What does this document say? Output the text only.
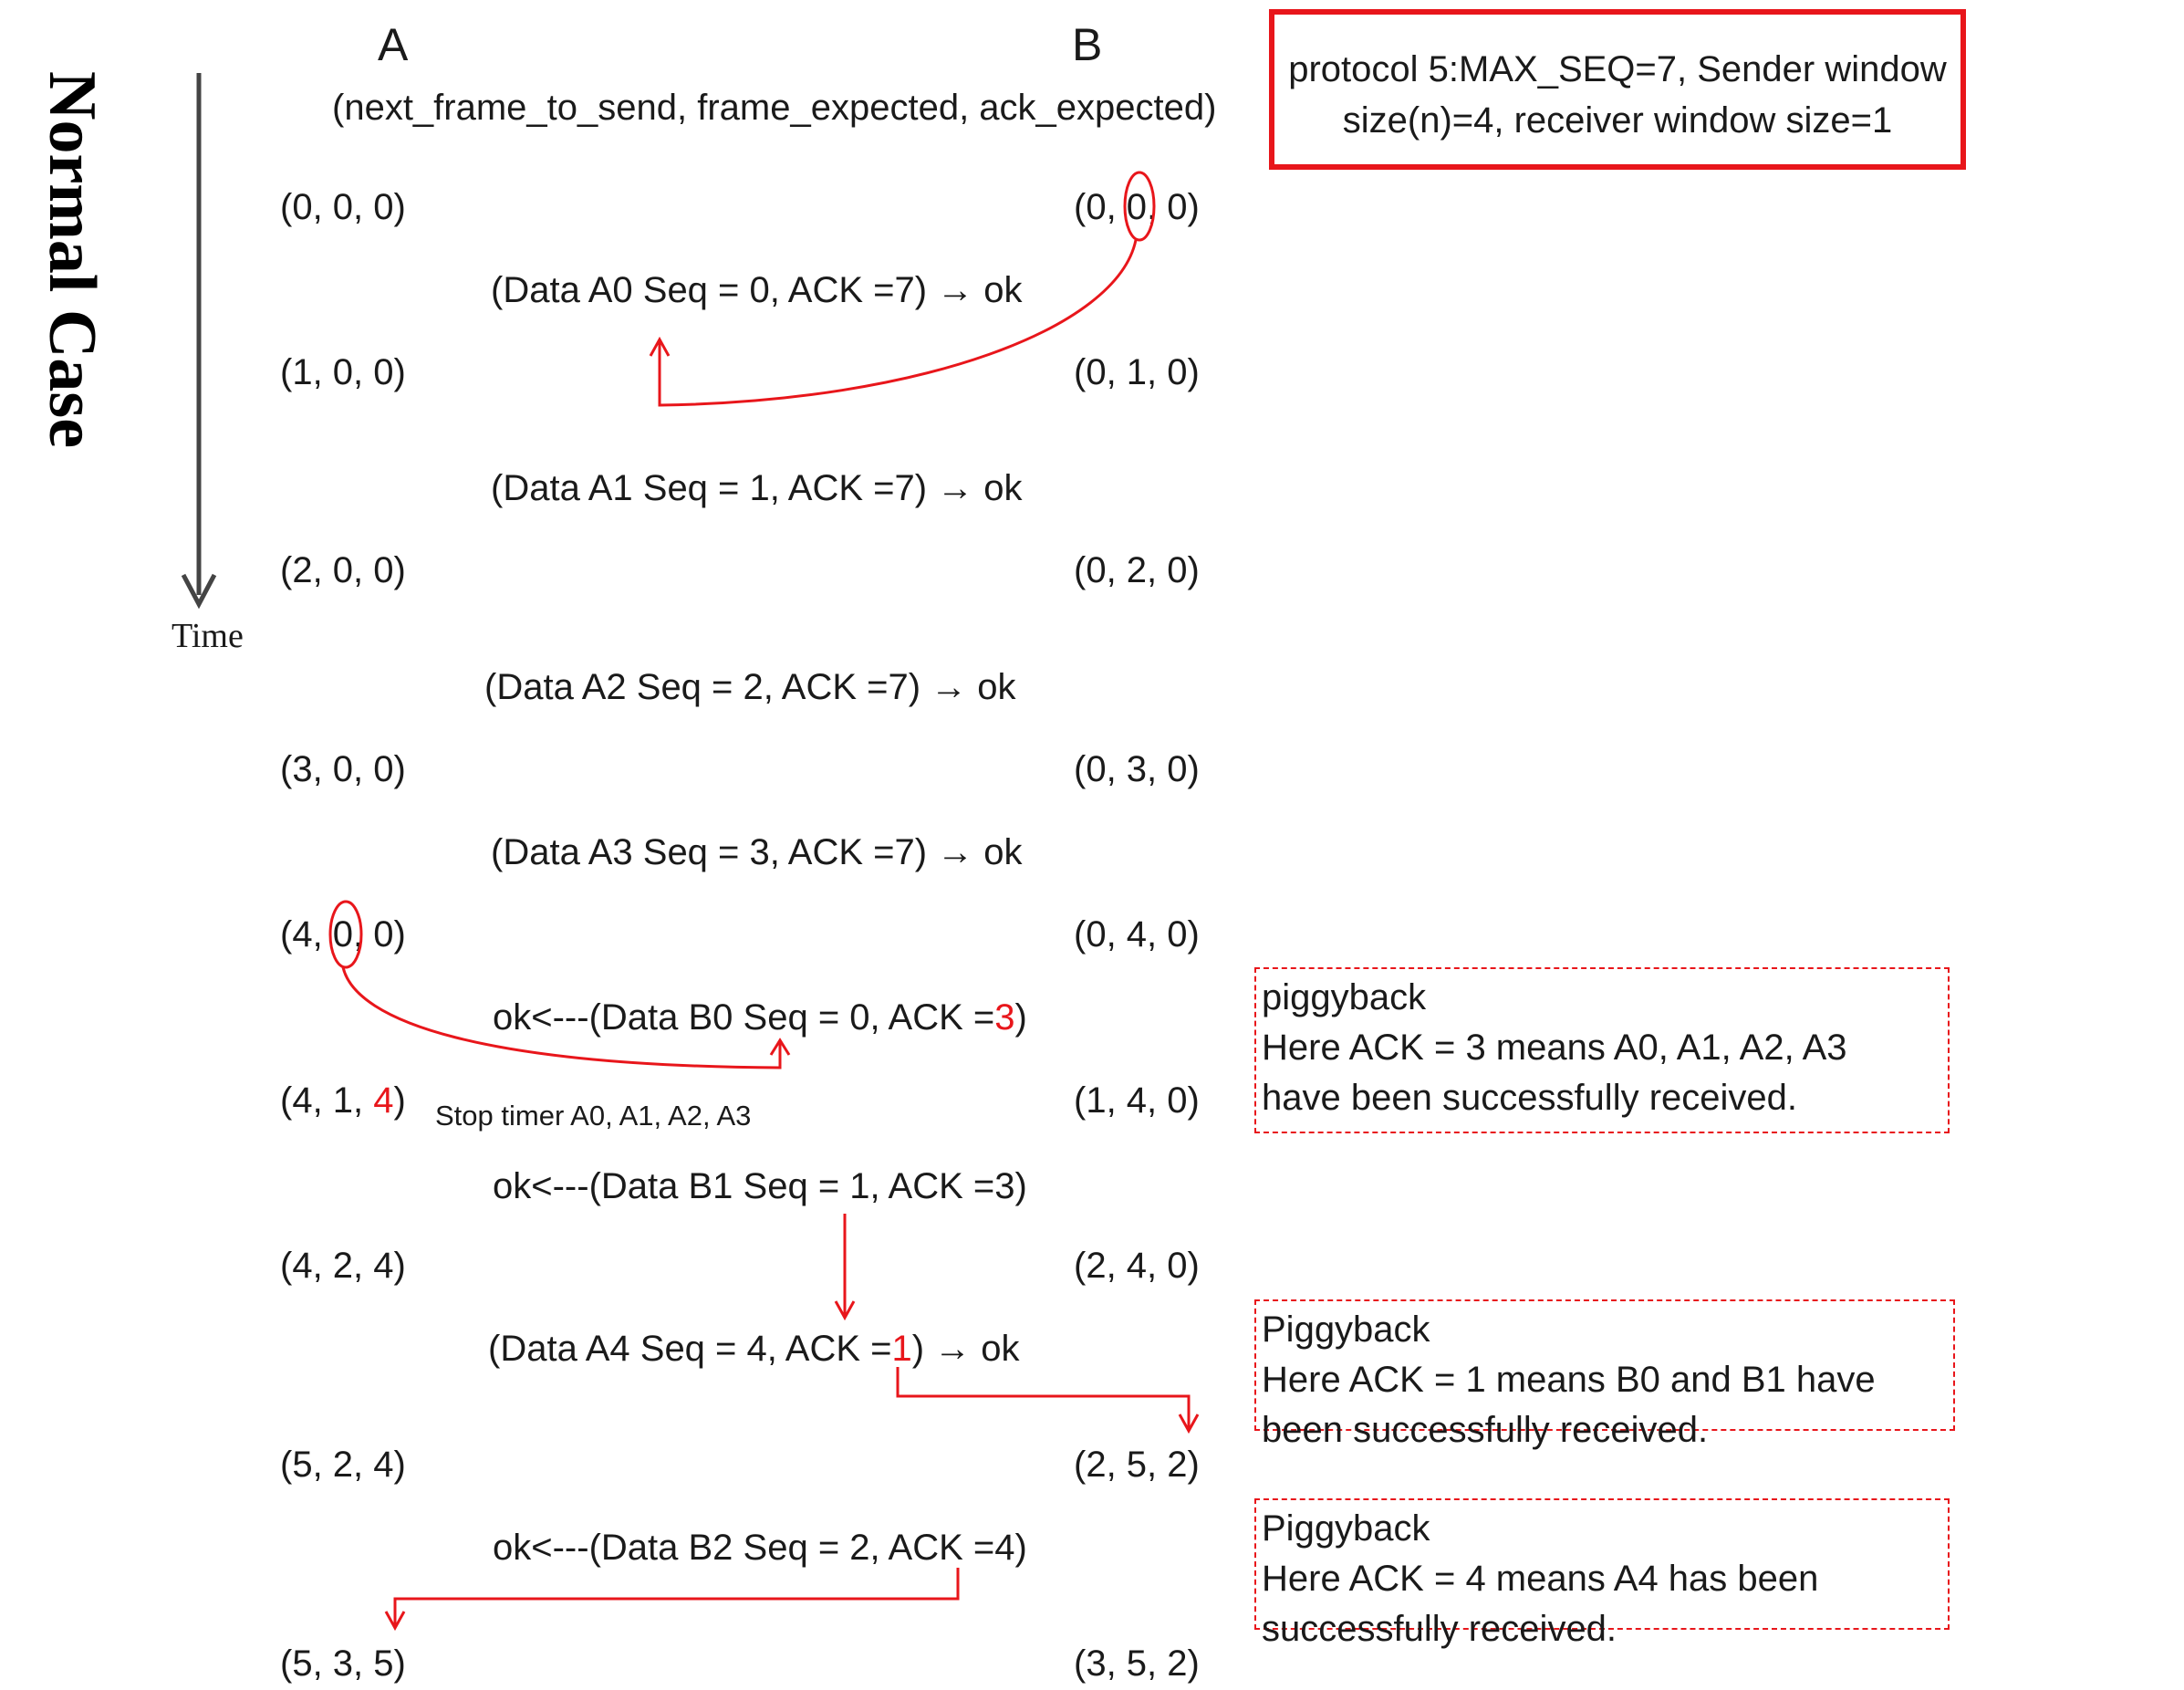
Normal Case
Time
A	B
(next_frame_to_send, frame_expected, ack_expected)
protocol 5:MAX_SEQ=7, Sender window
size(n)=4, receiver window size=1
(0, 0, 0)
(1, 0, 0)
(2, 0, 0)
(3, 0, 0)
(4, 0, 0)
(4, 1, 4)
(4, 2, 4)
(5, 2, 4)
(5, 3, 5)
(0, 0, 0)
(0, 1, 0)
(0, 2, 0)
(0, 3, 0)
(0, 4, 0)
(1, 4, 0)
(2, 4, 0)
(2, 5, 2)
(3, 5, 2)
(Data A0 Seq = 0, ACK =7) → ok
(Data A1 Seq = 1, ACK =7) → ok
(Data A2 Seq = 2, ACK =7) → ok
(Data A3 Seq = 3, ACK =7) → ok
ok<---(Data B0 Seq = 0, ACK =3)
ok<---(Data B1 Seq = 1, ACK =3)
(Data A4 Seq = 4, ACK =1) → ok
ok<---(Data B2 Seq = 2, ACK =4)
Stop timer A0, A1, A2, A3
piggyback
Here ACK = 3 means A0, A1, A2, A3
have been successfully received.
Piggyback
Here ACK = 1 means B0 and B1 have
been successfully received.
Piggyback
Here ACK = 4 means A4 has been
successfully received.
